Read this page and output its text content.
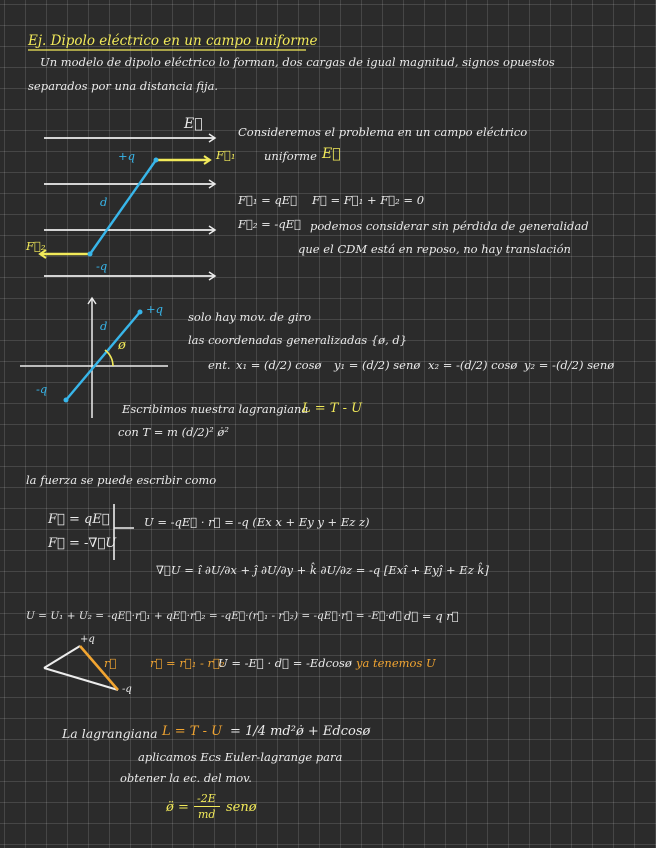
Ej. Dipolo eléctrico en un campo uniforme
Un modelo de dipolo eléctrico lo forman, dos cargas de igual magnitud, signos opuestos
separados por una distancia fija.
E⃗
+q
d
-q
F⃗₁
F⃗₂
Consideremos el problema en un campo eléctrico
uniforme E⃗
F⃗₁ = qE⃗
F⃗₂ = -qE⃗
F⃗ = F⃗₁ + F⃗₂ = 0
podemos considerar sin pérdida de generalidad
que el CDM está en reposo, no hay translación
+q
d
-q
ø
solo hay mov. de giro
las coordenadas generalizadas {ø, d}
ent. x₁ = (d/2) cosø y₁ = (d/2) senø x₂ = -(d/2) cosø y₂ = -(d/2) senø
Escribimos nuestra lagrangiana
L = T - U
con T = m (d/2)² ø̇²
la fuerza se puede escribir como
F⃗ = qE⃗
F⃗ = -∇⃗U
U = -qE⃗ · r⃗ = -q (Ex x + Ey y + Ez z)
∇⃗U = î ∂U/∂x + ĵ ∂U/∂y + k̂ ∂U/∂z = -q [Exî + Eyĵ + Ez k̂]
U = U₁ + U₂ = -qE⃗·r⃗₁ + qE⃗·r⃗₂ = -qE⃗·(r⃗₁ - r⃗₂) = -qE⃗·r⃗ = -E⃗·d⃗ d⃗ = q r⃗
+q
-q
r⃗	r⃗ = r⃗₁ - r⃗₂
U = -E⃗ · d⃗ = -Edcosø ya tenemos U
La lagrangiana L = T - U = 1/4 md²ø̇ + Edcosø
aplicamos Ecs Euler-lagrange para
obtener la ec. del mov.
ø̈ =
-2E
md senø
